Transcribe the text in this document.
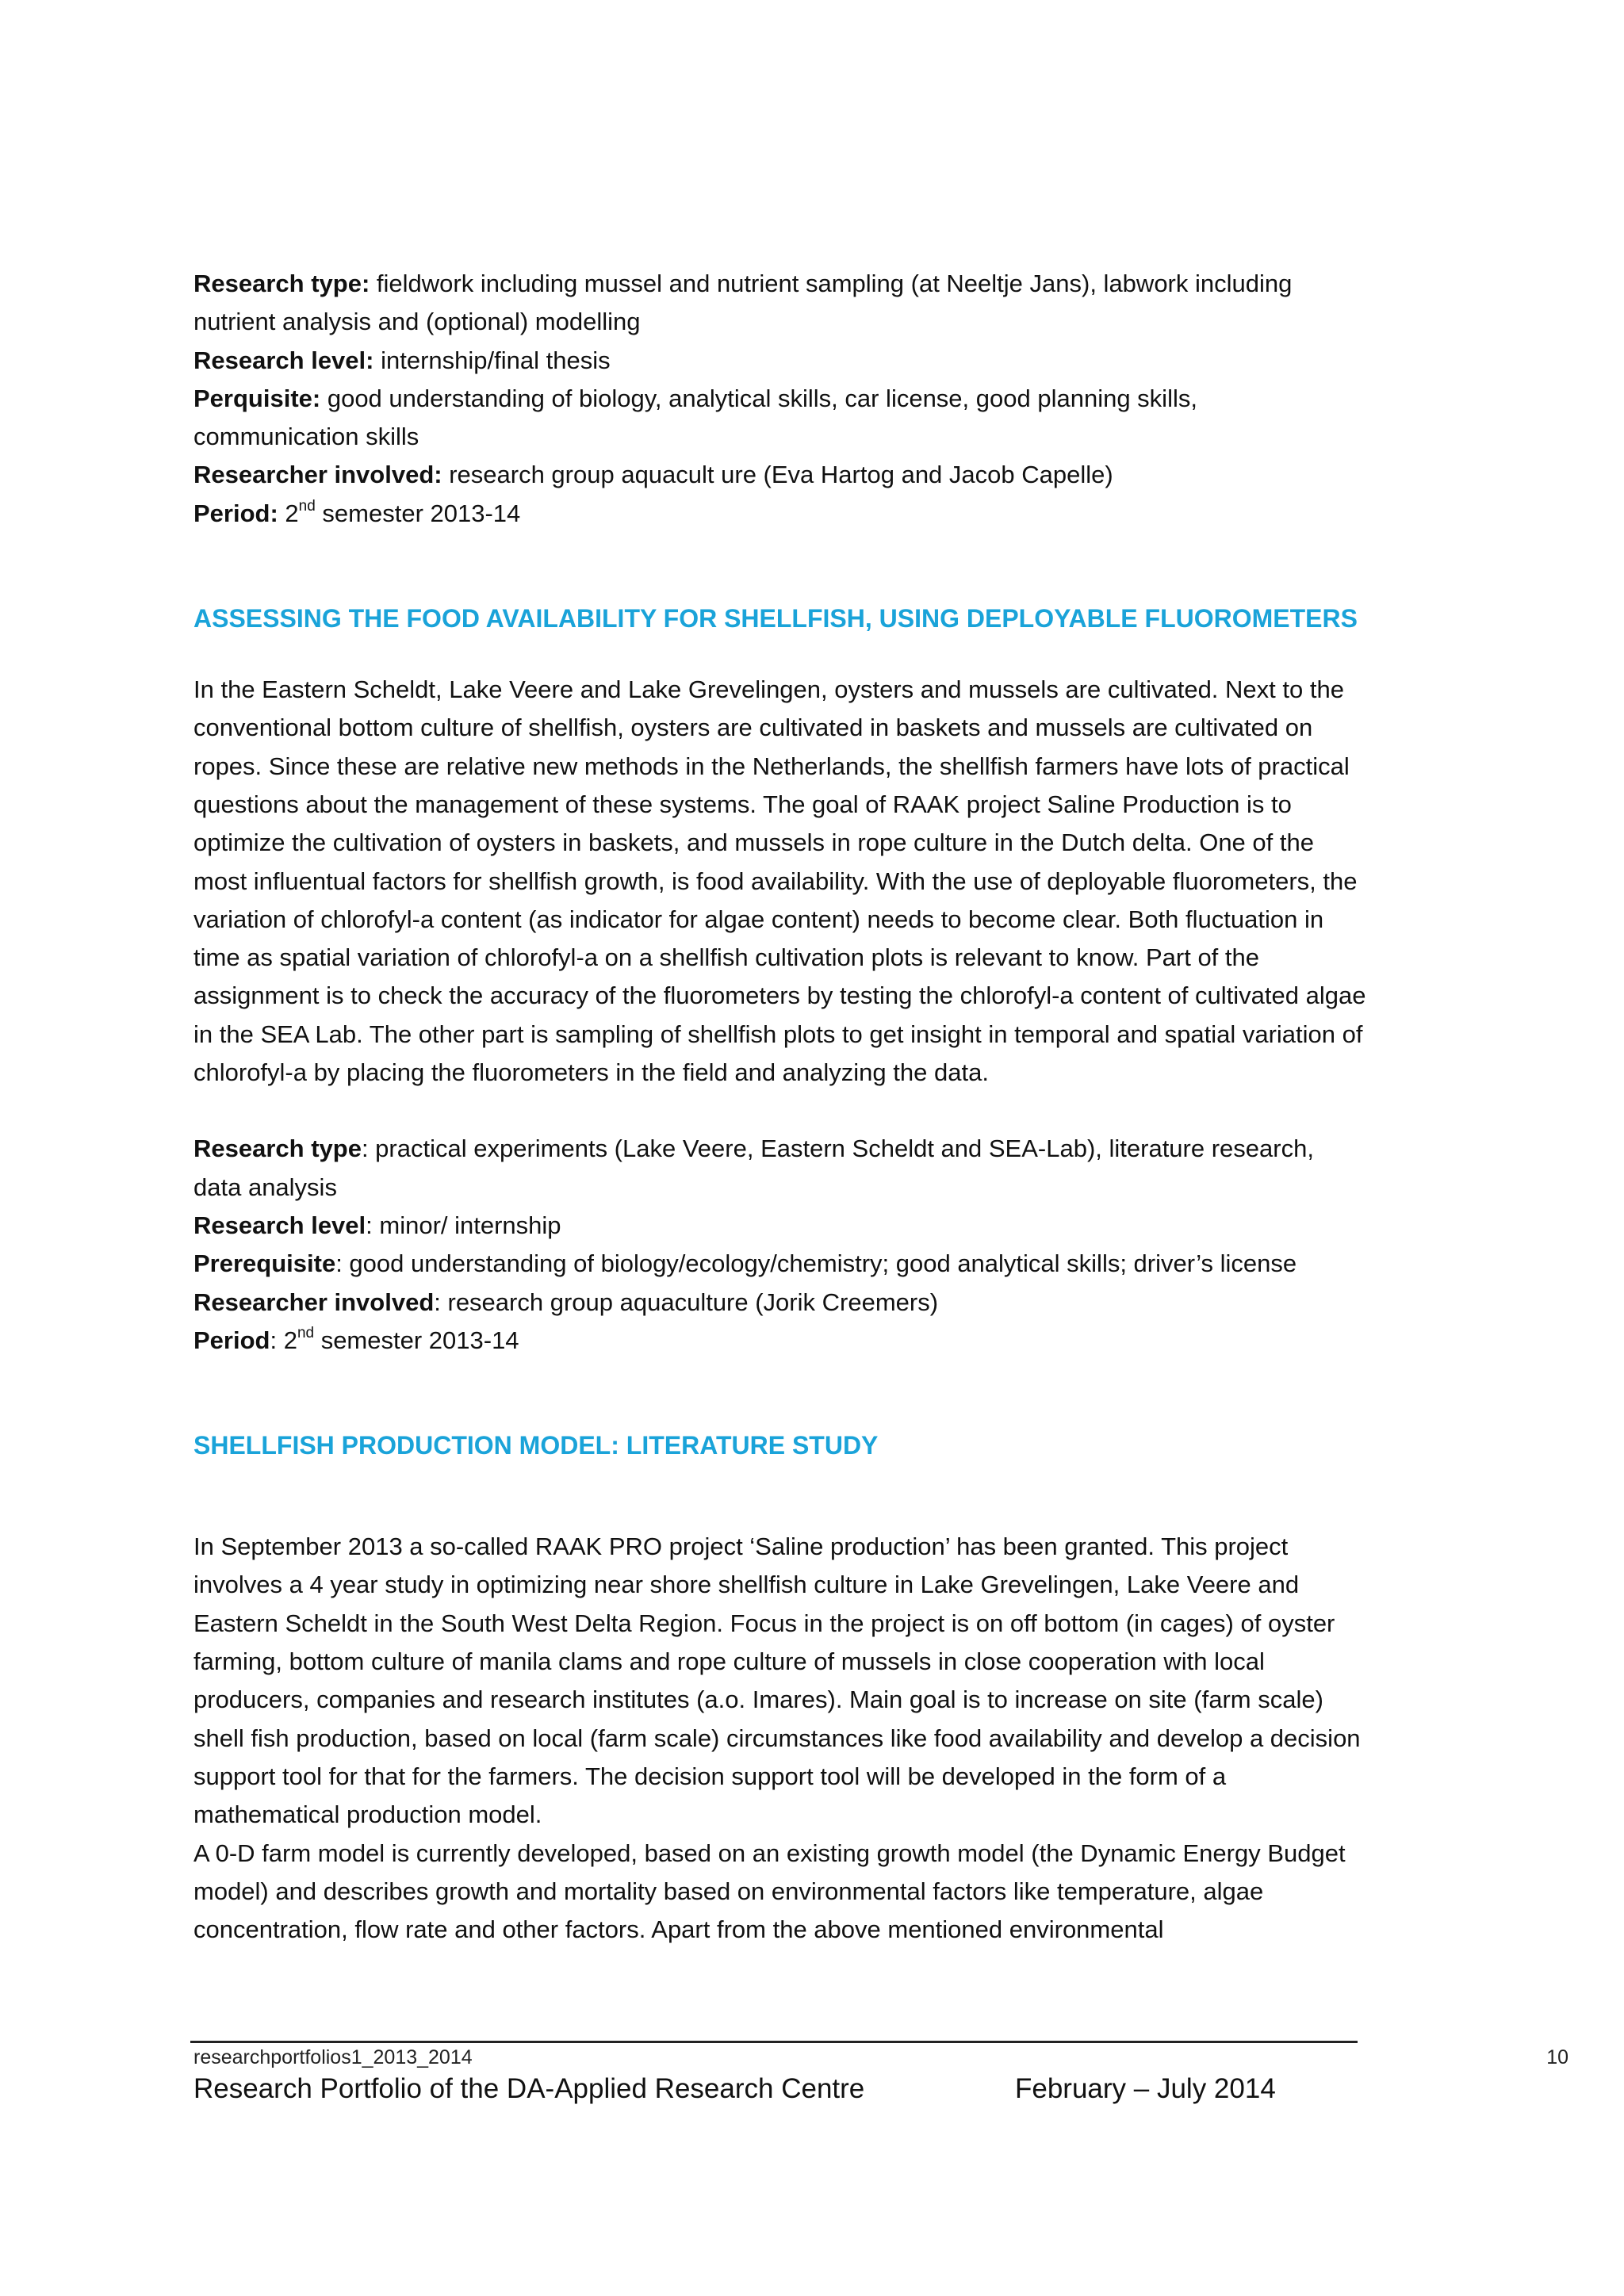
Research type: fieldwork including mussel and nutrient sampling (at Neeltje Jans), labwork including nutrient analysis and (optional) modelling

Research level: internship/final thesis

Perquisite: good understanding of biology, analytical skills, car license, good planning skills, communication skills

Researcher involved: research group aquacult ure (Eva Hartog and Jacob Capelle)

Period: 2nd semester 2013-14

ASSESSING THE FOOD AVAILABILITY FOR SHELLFISH, USING DEPLOYABLE FLUOROMETERS

In the Eastern Scheldt, Lake Veere and Lake Grevelingen, oysters and mussels are cultivated. Next to the conventional bottom culture of shellfish, oysters are cultivated in baskets and mussels are cultivated on ropes. Since these are relative new methods in the Netherlands, the shellfish farmers have lots of practical questions about the management of these systems. The goal of RAAK project Saline Production is to optimize the cultivation of oysters in baskets, and mussels in rope culture in the Dutch delta. One of the most influentual factors for shellfish growth, is food availability. With the use of deployable fluorometers, the variation of chlorofyl-a content (as indicator for algae content) needs to become clear. Both fluctuation in time as spatial variation of chlorofyl-a on a shellfish cultivation plots is relevant to know. Part of the assignment is to check the accuracy of the fluorometers by testing the chlorofyl-a content of cultivated algae in the SEA Lab. The other part is sampling of shellfish plots to get insight in temporal and spatial variation of chlorofyl-a by placing the fluorometers in the field and analyzing the data.

Research type: practical experiments (Lake Veere, Eastern Scheldt and SEA-Lab), literature research, data analysis

Research level: minor/ internship

Prerequisite: good understanding of biology/ecology/chemistry; good analytical skills; driver’s license

Researcher involved: research group aquaculture (Jorik Creemers)

Period: 2nd semester 2013-14

SHELLFISH PRODUCTION MODEL: LITERATURE STUDY

In September 2013 a so-called RAAK PRO project ‘Saline production’ has been granted. This project involves a 4 year study in optimizing near shore shellfish culture in Lake Grevelingen, Lake Veere and Eastern Scheldt in the South West Delta Region. Focus in the project is on off bottom (in cages) of oyster farming, bottom culture of manila clams and rope culture of mussels in close cooperation with local producers, companies and research institutes (a.o. Imares). Main goal is to increase on site (farm scale) shell fish production, based on local (farm scale) circumstances like food availability and develop a decision support tool for that for the farmers. The decision support tool will be developed in the form of a mathematical production model.

A 0-D farm model is currently developed, based on an existing growth model (the Dynamic Energy Budget model) and describes growth and mortality based on environmental factors like temperature, algae concentration, flow rate and other factors. Apart from the above mentioned environmental

researchportfolios1_2013_2014	10
Research Portfolio of the DA-Applied Research Centre	February – July 2014
